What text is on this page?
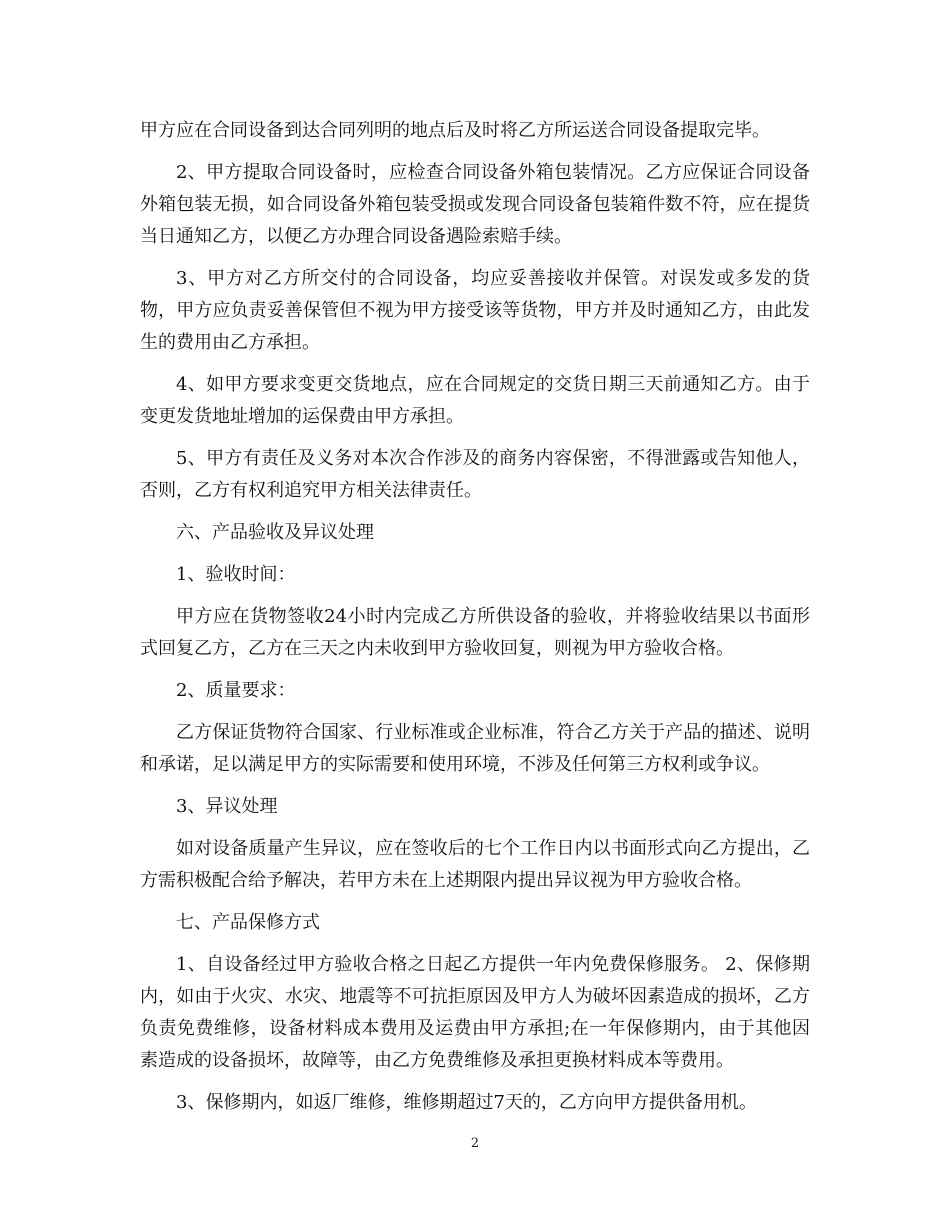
甲方应在合同设备到达合同列明的地点后及时将乙方所运送合同设备提取完毕。

2、甲方提取合同设备时，应检查合同设备外箱包装情况。乙方应保证合同设备外箱包装无损，如合同设备外箱包装受损或发现合同设备包装箱件数不符，应在提货当日通知乙方，以便乙方办理合同设备遇险索赔手续。

3、甲方对乙方所交付的合同设备，均应妥善接收并保管。对误发或多发的货物，甲方应负责妥善保管但不视为甲方接受该等货物，甲方并及时通知乙方，由此发生的费用由乙方承担。

4、如甲方要求变更交货地点，应在合同规定的交货日期三天前通知乙方。由于变更发货地址增加的运保费由甲方承担。

5、甲方有责任及义务对本次合作涉及的商务内容保密，不得泄露或告知他人，否则，乙方有权利追究甲方相关法律责任。

六、产品验收及异议处理

1、验收时间：

甲方应在货物签收24小时内完成乙方所供设备的验收，并将验收结果以书面形式回复乙方，乙方在三天之内未收到甲方验收回复，则视为甲方验收合格。

2、质量要求：

乙方保证货物符合国家、行业标准或企业标准，符合乙方关于产品的描述、说明和承诺，足以满足甲方的实际需要和使用环境，不涉及任何第三方权利或争议。

3、异议处理

如对设备质量产生异议，应在签收后的七个工作日内以书面形式向乙方提出，乙方需积极配合给予解决，若甲方未在上述期限内提出异议视为甲方验收合格。

七、产品保修方式

1、自设备经过甲方验收合格之日起乙方提供一年内免费保修服务。 2、保修期内，如由于火灾、水灾、地震等不可抗拒原因及甲方人为破坏因素造成的损坏，乙方负责免费维修，设备材料成本费用及运费由甲方承担;在一年保修期内，由于其他因素造成的设备损坏，故障等，由乙方免费维修及承担更换材料成本等费用。

3、保修期内，如返厂维修，维修期超过7天的，乙方向甲方提供备用机。

2
